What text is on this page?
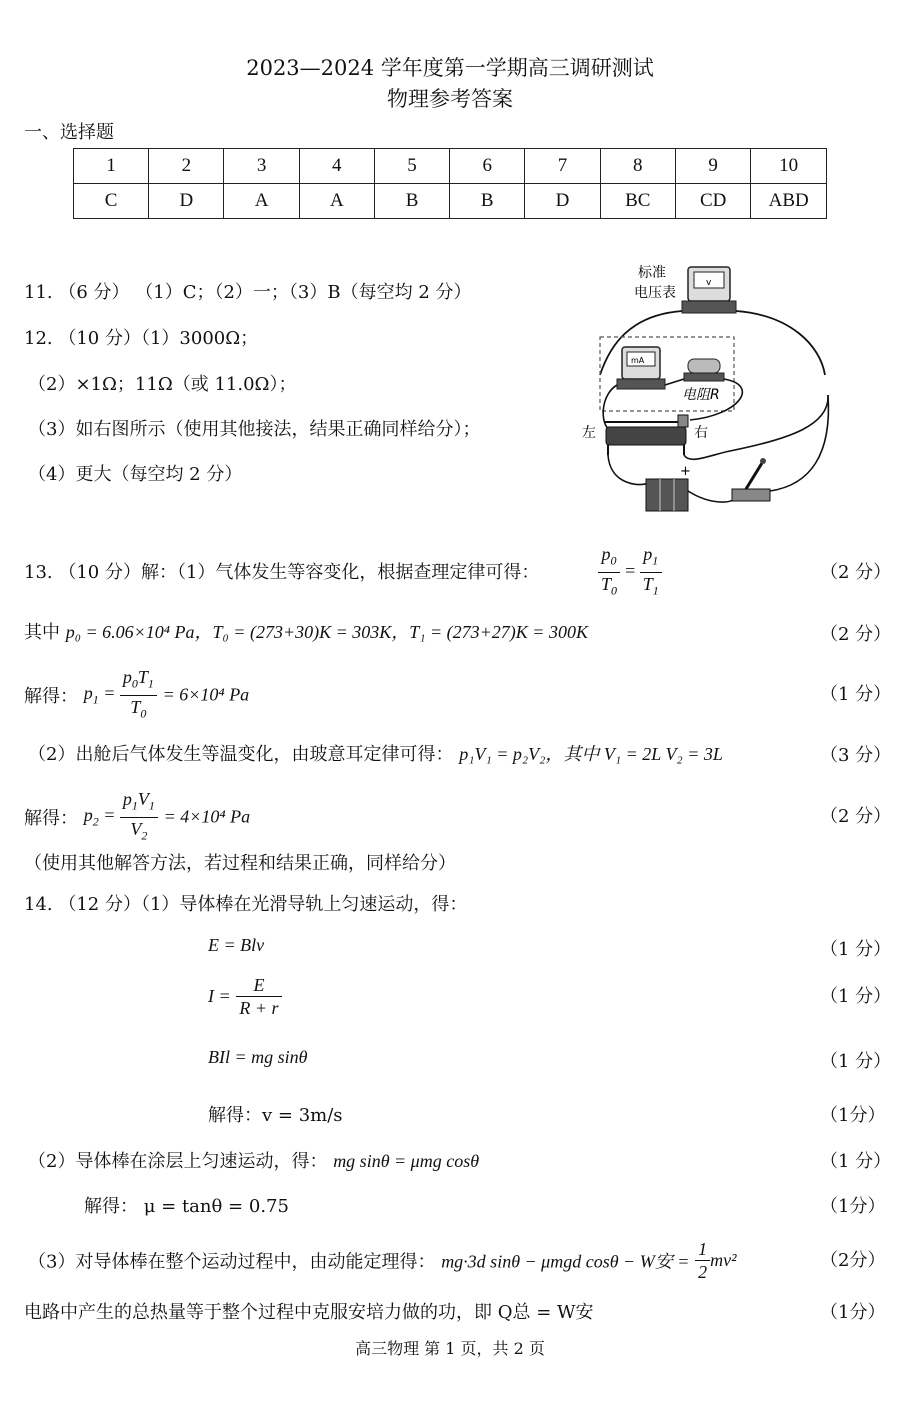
2023—2024 学年度第一学期高三调研测试
物理参考答案
一、选择题
1	2	3	4	5	6	7	8	9	10
C	D	A	A	B	B	D	BC	CD	ABD
11. （6 分） （1）C；（2）一；（3）B（每空均 2 分）
12. （10 分）（1）3000Ω；
（2）×1Ω；11Ω（或 11.0Ω）；
（3）如右图所示（使用其他接法，结果正确同样给分）；
（4）更大（每空均 2 分）
标准
电压表
v
mA
电阻R
左	右
+
13. （10 分）解：（1）气体发生等容变化，根据查理定律可得：	$\frac{p_0}{T_0} = \frac{p_1}{T_1}$	（2 分）
其中 p₀ = 6.06×10⁴ Pa，T₀ = (273+30)K = 303K，T₁ = (273+27)K = 300K	（2 分）
解得： $p_1 = \frac{p_0T_1}{T_0} = 6\times 10^4$ Pa	（1 分）
（2）出舱后气体发生等温变化，由玻意耳定律可得： p₁V₁ = p₂V₂，其中 V₁ = 2L V₂ = 3L	（3 分）
解得： $p_2 = \frac{p_1V_1}{V_2} = 4\times 10^4$ Pa	（2 分）
（使用其他解答方法，若过程和结果正确，同样给分）
14. （12 分）（1）导体棒在光滑导轨上匀速运动，得：
E = Blv	（1 分）
$I = \frac{E}{R + r}$	（1 分）
BIl = mg sinθ	（1 分）
解得：v = 3m/s	（1分）
（2）导体棒在涂层上匀速运动，得： mg sinθ = μmg cosθ	（1 分）
解得： μ = tanθ = 0.75	（1分）
（3）对导体棒在整个运动过程中，由动能定理得： mg·3d sinθ − μmgd cosθ − W安 = $\frac{1}{2} mv^2$	（2分）
电路中产生的总热量等于整个过程中克服安培力做的功，即 Q总 = W安	（1分）
高三物理 第 1 页，共 2 页
